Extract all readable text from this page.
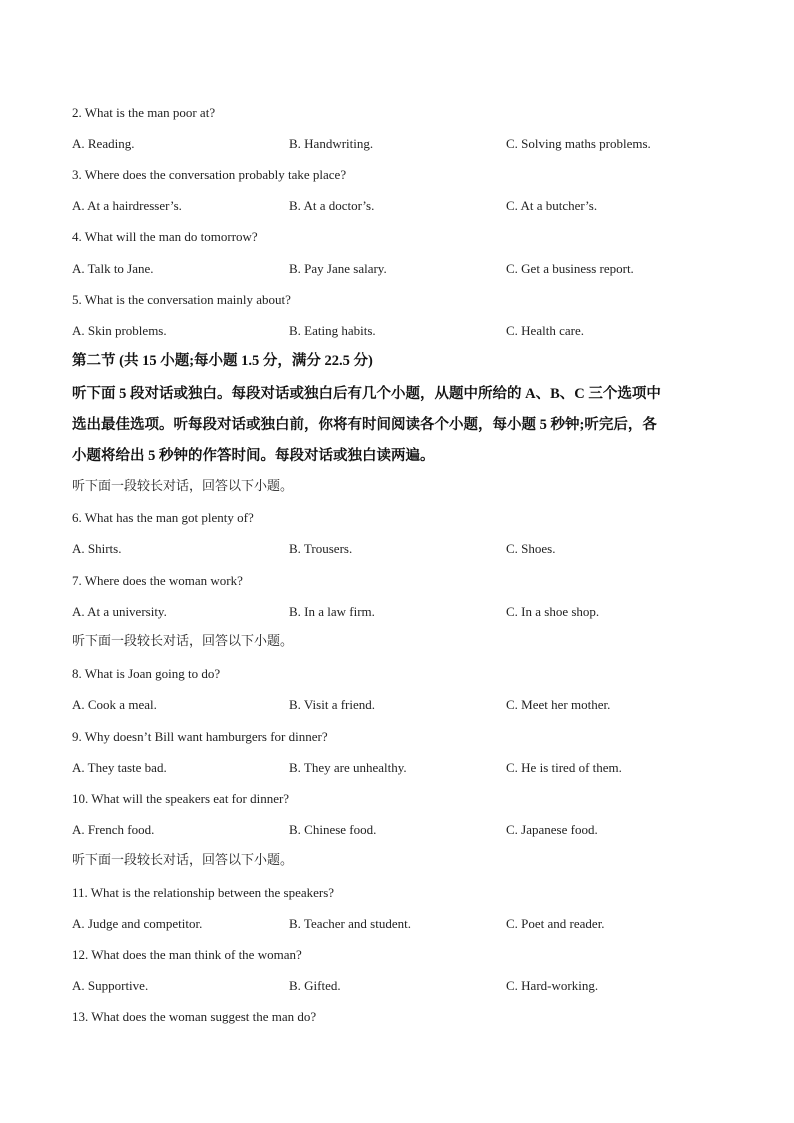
2. What is the man poor at?
A. Reading.	B. Handwriting.	C. Solving maths problems.
3. Where does the conversation probably take place?
A. At a hairdresser’s.	B. At a doctor’s.	C. At a butcher’s.
4. What will the man do tomorrow?
A. Talk to Jane.	B. Pay Jane salary.	C. Get a business report.
5. What is the conversation mainly about?
A. Skin problems.	B. Eating habits.	C. Health care.
第二节 (共 15 小题;每小题 1.5 分，满分 22.5 分)
听下面 5 段对话或独白。每段对话或独白后有几个小题，从题中所给的 A、B、C 三个选项中
选出最佳选项。听每段对话或独白前，你将有时间阅读各个小题，每小题 5 秒钟;听完后，各
小题将给出 5 秒钟的作答时间。每段对话或独白读两遍。
听下面一段较长对话，回答以下小题。
6. What has the man got plenty of?
A. Shirts.	B. Trousers.	C. Shoes.
7. Where does the woman work?
A. At a university.	B. In a law firm.	C. In a shoe shop.
听下面一段较长对话，回答以下小题。
8. What is Joan going to do?
A. Cook a meal.	B. Visit a friend.	C. Meet her mother.
9. Why doesn’t Bill want hamburgers for dinner?
A. They taste bad.	B. They are unhealthy.	C. He is tired of them.
10. What will the speakers eat for dinner?
A. French food.	B. Chinese food.	C. Japanese food.
听下面一段较长对话，回答以下小题。
11. What is the relationship between the speakers?
A. Judge and competitor.	B. Teacher and student.	C. Poet and reader.
12. What does the man think of the woman?
A. Supportive.	B. Gifted.	C. Hard-working.
13. What does the woman suggest the man do?
